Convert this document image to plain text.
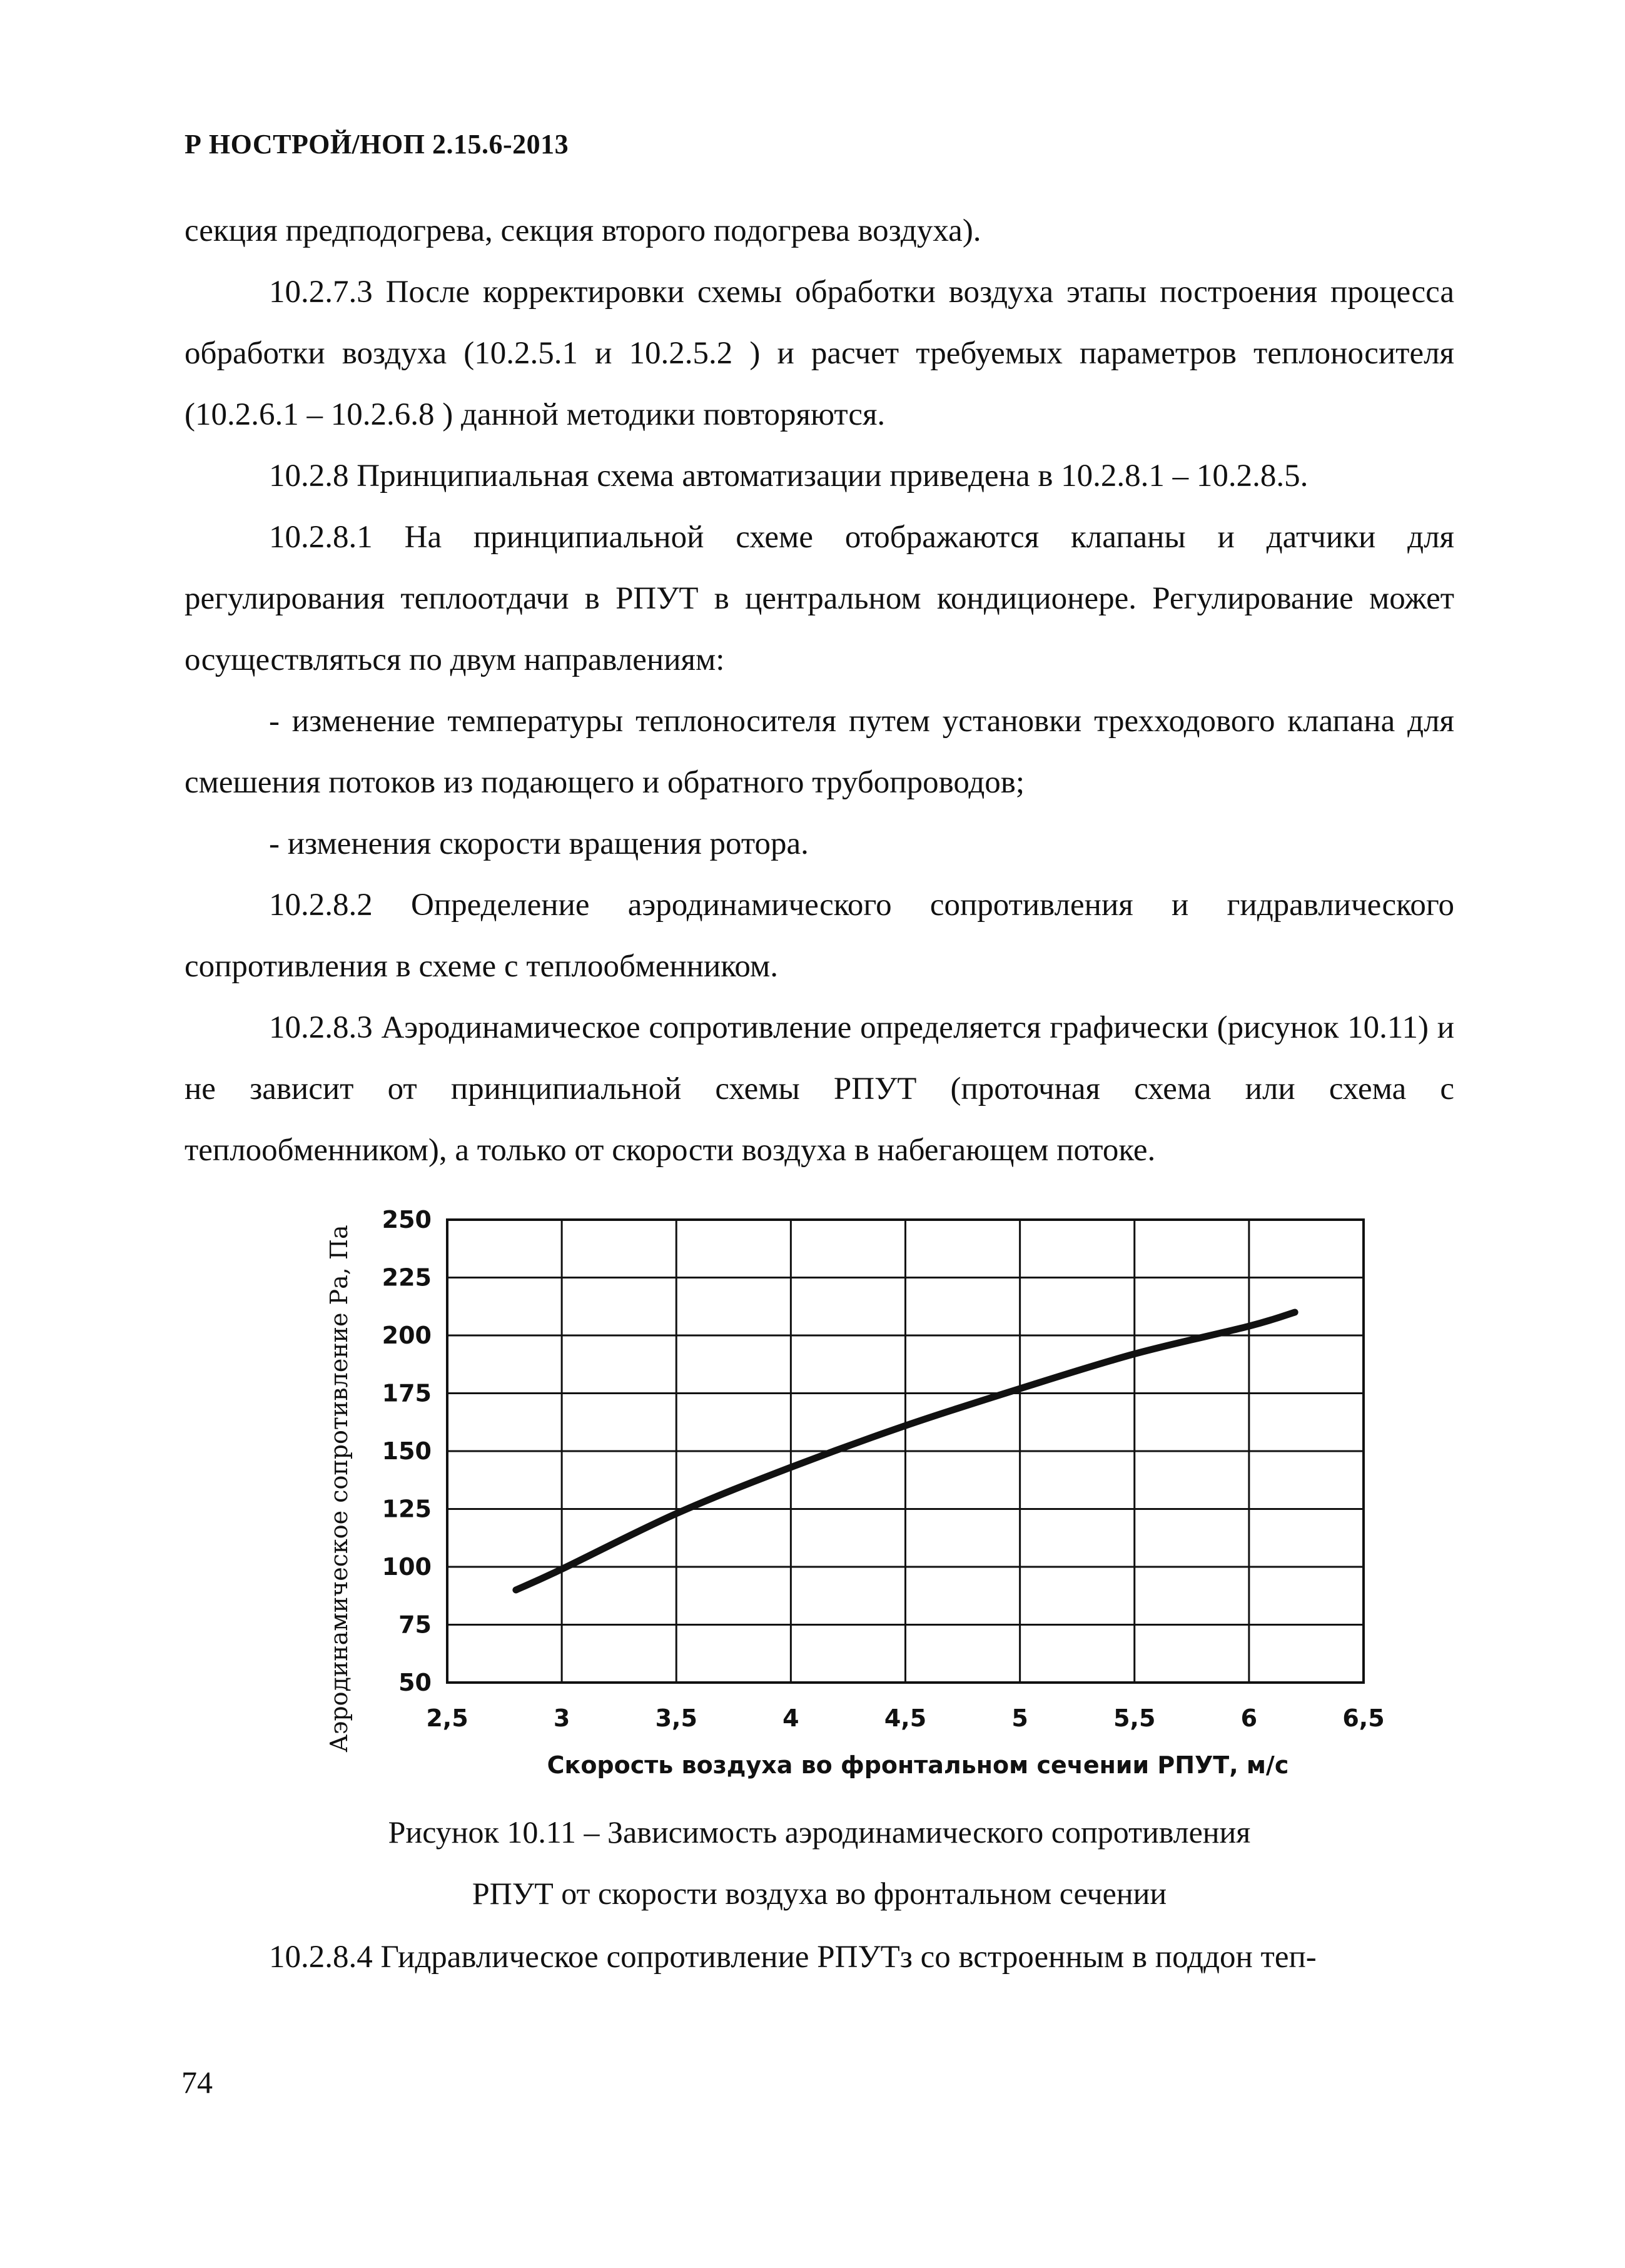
Р НОСТРОЙ/НОП 2.15.6-2013

секция предподогрева, секция второго подогрева воздуха).

10.2.7.3 После корректировки схемы обработки воздуха этапы построения процесса обработки воздуха (10.2.5.1 и 10.2.5.2 ) и расчет требуемых параметров теплоносителя (10.2.6.1 – 10.2.6.8 ) данной методики повторяются.

10.2.8 Принципиальная схема автоматизации приведена в 10.2.8.1 – 10.2.8.5.

10.2.8.1 На принципиальной схеме отображаются клапаны и датчики для регулирования теплоотдачи в РПУТ в центральном кондиционере. Регулирование может осуществляться по двум направлениям:

- изменение температуры теплоносителя путем установки трехходового клапана для смешения потоков из подающего и обратного трубопроводов;

- изменения скорости вращения ротора.

10.2.8.2 Определение аэродинамического сопротивления и гидравлического сопротивления в схеме с теплообменником.

10.2.8.3 Аэродинамическое сопротивление определяется графически (рисунок 10.11) и не зависит от принципиальной схемы РПУТ (проточная схема или схема с теплообменником), а только от скорости воздуха в набегающем потоке.

2,5	3	3,5	4	4,5	5	5,5	6	6,5
50
75
100
125
150
175
200
225
250
Скорость воздуха во фронтальном сечении РПУТ, м/с
Аэродинамическое сопротивление Ра, Па
Рисунок 10.11 – Зависимость аэродинамического сопротивления
РПУТ от скорости воздуха во фронтальном сечении
10.2.8.4 Гидравлическое сопротивление РПУТз со встроенным в поддон теп-
74
